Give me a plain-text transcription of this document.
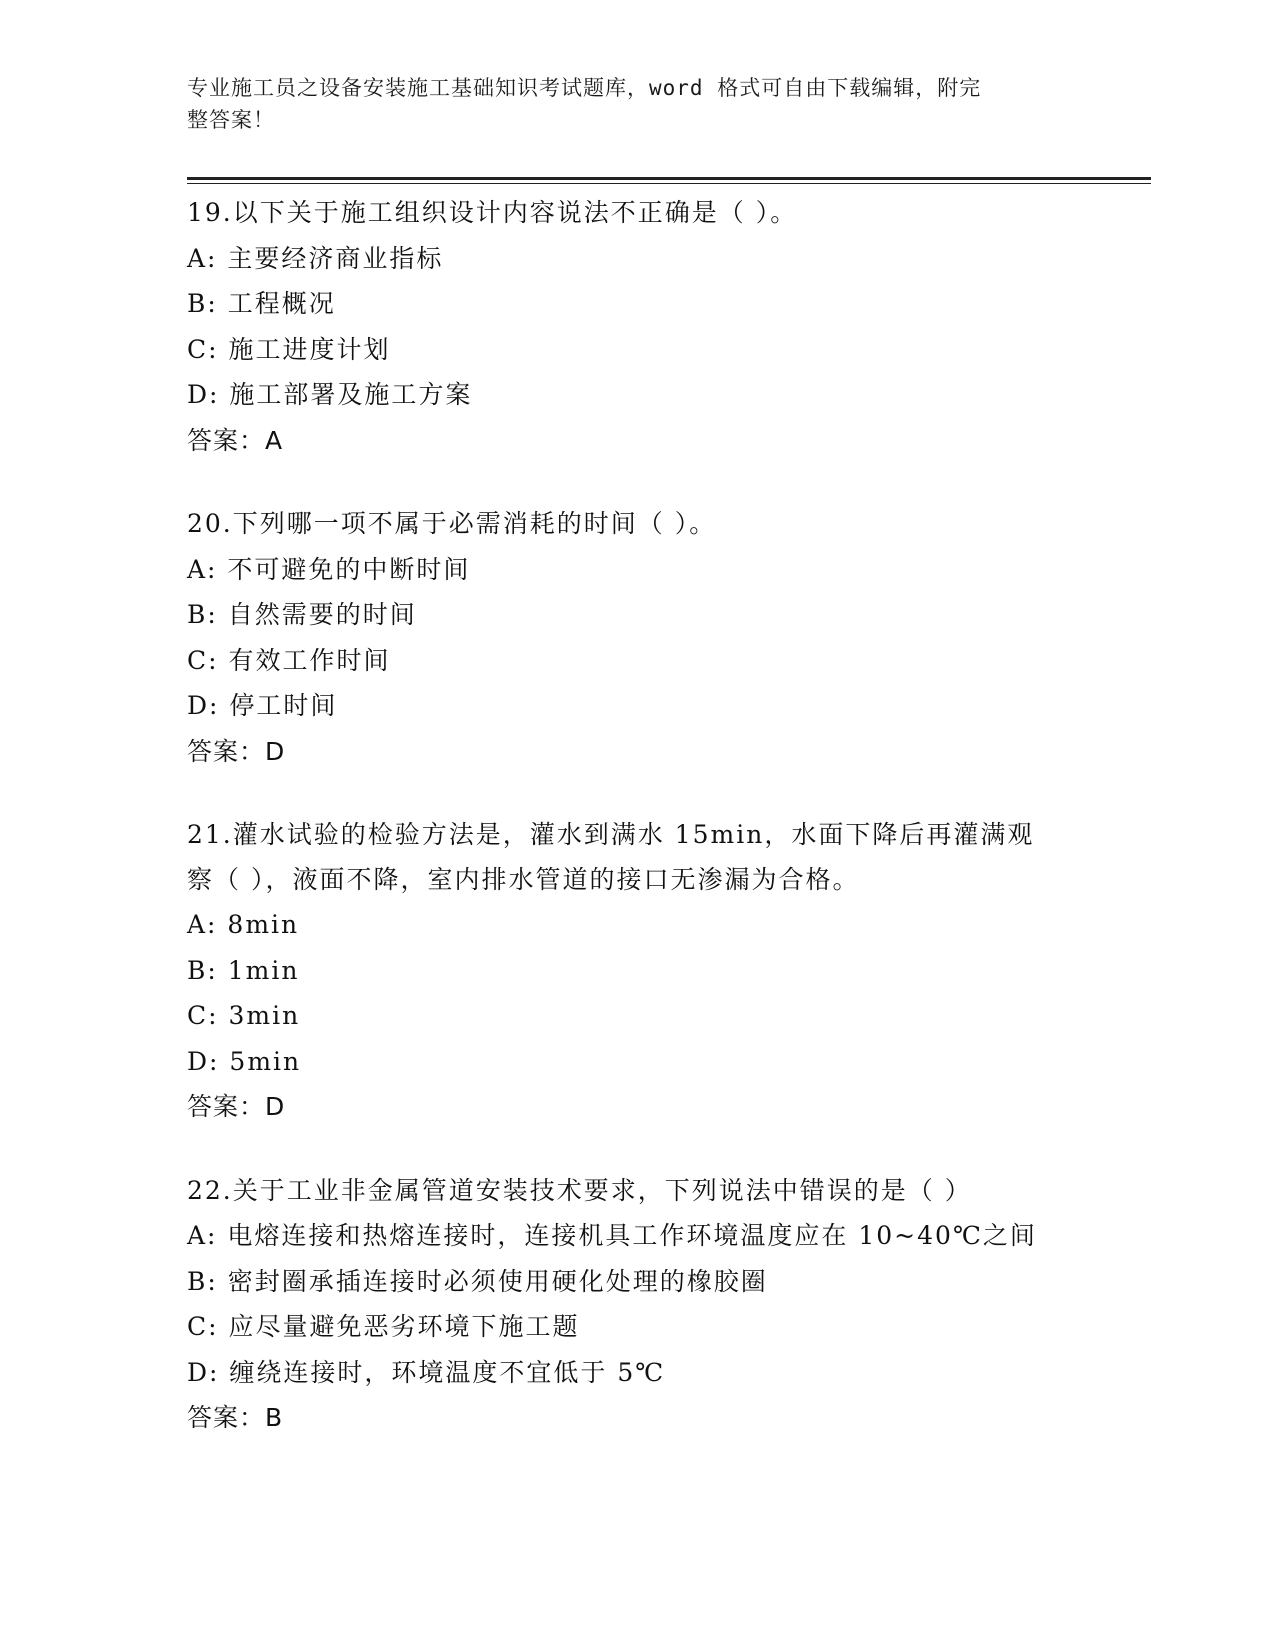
专业施工员之设备安装施工基础知识考试题库，word 格式可自由下载编辑，附完
整答案！

19.以下关于施工组织设计内容说法不正确是（ ）。

A: 主要经济商业指标

B: 工程概况

C: 施工进度计划

D: 施工部署及施工方案

答案：A

20.下列哪一项不属于必需消耗的时间（ ）。

A: 不可避免的中断时间

B: 自然需要的时间

C: 有效工作时间

D: 停工时间

答案：D

21.灌水试验的检验方法是，灌水到满水 15min，水面下降后再灌满观

察（ ），液面不降，室内排水管道的接口无渗漏为合格。

A: 8min

B: 1min

C: 3min

D: 5min

答案：D

22.关于工业非金属管道安装技术要求，下列说法中错误的是（ ）

A: 电熔连接和热熔连接时，连接机具工作环境温度应在 10~40℃之间

B: 密封圈承插连接时必须使用硬化处理的橡胶圈

C: 应尽量避免恶劣环境下施工题

D: 缠绕连接时，环境温度不宜低于 5℃

答案：B
